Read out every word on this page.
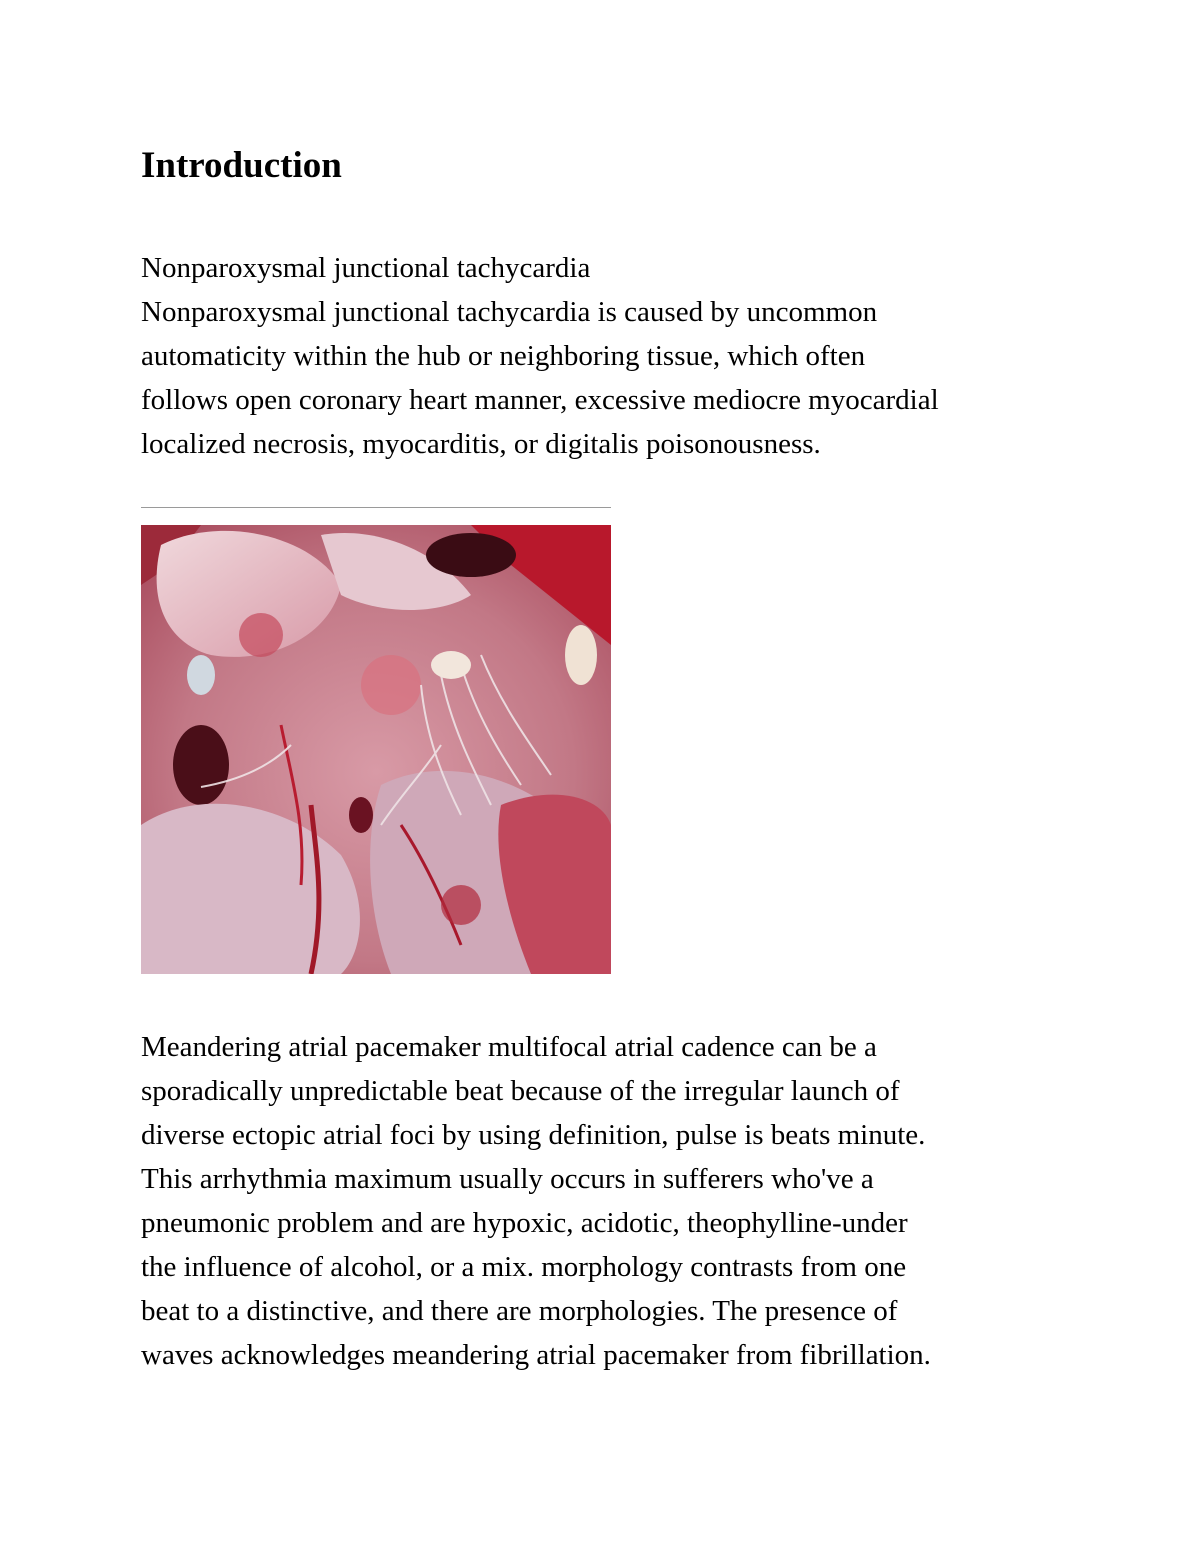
Introduction
Nonparoxysmal junctional tachycardia
Nonparoxysmal junctional tachycardia is caused by uncommon
automaticity within the hub or neighboring tissue, which often
follows open coronary heart manner, excessive mediocre myocardial
localized necrosis, myocarditis, or digitalis poisonousness.
Meandering atrial pacemaker multifocal atrial cadence can be a
sporadically unpredictable beat because of the irregular launch of
diverse ectopic atrial foci by using definition, pulse is beats minute.
This arrhythmia maximum usually occurs in sufferers who've a
pneumonic problem and are hypoxic, acidotic, theophylline-under
the influence of alcohol, or a mix. morphology contrasts from one
beat to a distinctive, and there are morphologies. The presence of
waves acknowledges meandering atrial pacemaker from fibrillation.
